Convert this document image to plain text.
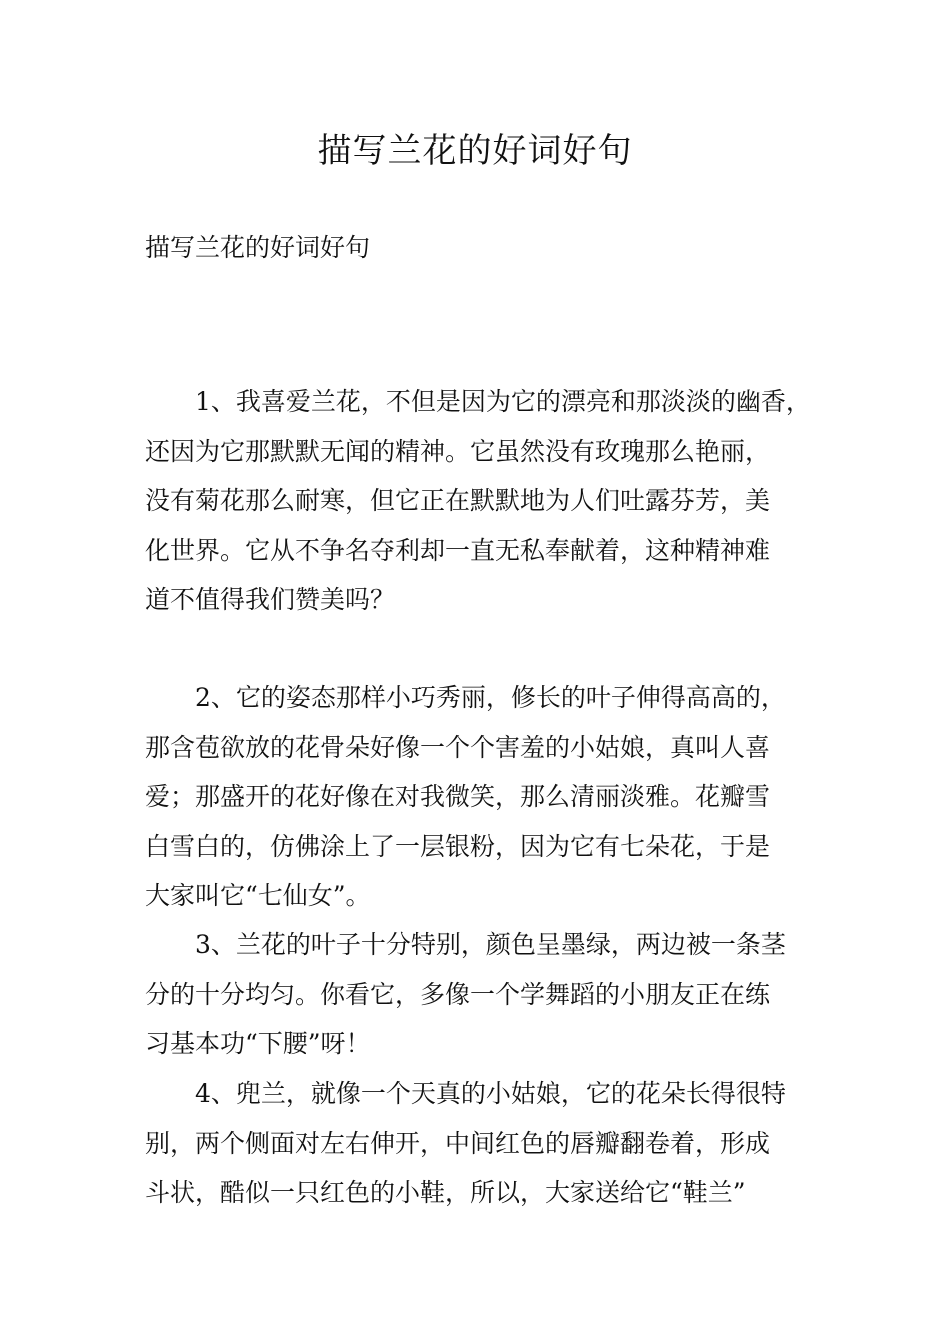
描写兰花的好词好句

描写兰花的好词好句

1、我喜爱兰花，不但是因为它的漂亮和那淡淡的幽香，
还因为它那默默无闻的精神。它虽然没有玫瑰那么艳丽，
没有菊花那么耐寒，但它正在默默地为人们吐露芬芳，美
化世界。它从不争名夺利却一直无私奉献着，这种精神难
道不值得我们赞美吗？

2、它的姿态那样小巧秀丽，修长的叶子伸得高高的，
那含苞欲放的花骨朵好像一个个害羞的小姑娘，真叫人喜
爱；那盛开的花好像在对我微笑，那么清丽淡雅。花瓣雪
白雪白的，仿佛涂上了一层银粉，因为它有七朵花，于是
大家叫它“七仙女”。

3、兰花的叶子十分特别，颜色呈墨绿，两边被一条茎
分的十分均匀。你看它，多像一个学舞蹈的小朋友正在练
习基本功“下腰”呀！

4、兜兰，就像一个天真的小姑娘，它的花朵长得很特
别，两个侧面对左右伸开，中间红色的唇瓣翻卷着，形成
斗状，酷似一只红色的小鞋，所以，大家送给它“鞋兰”
